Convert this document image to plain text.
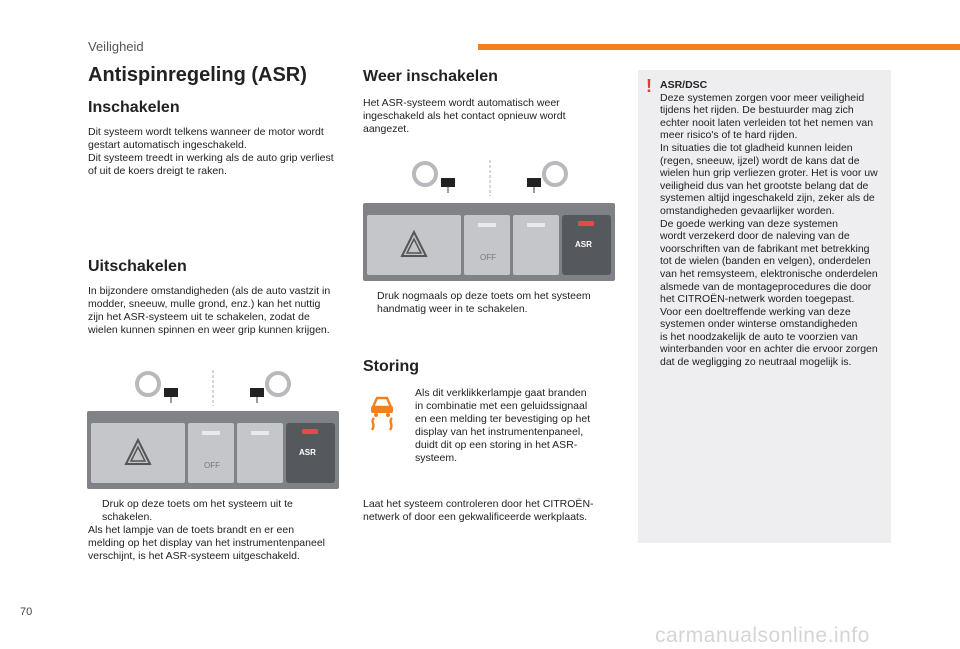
Veiligheid
Antispinregeling (ASR)
Inschakelen
Dit systeem wordt telkens wanneer de motor wordt
gestart automatisch ingeschakeld.
Dit systeem treedt in werking als de auto grip verliest
of uit de koers dreigt te raken.
Uitschakelen
In bijzondere omstandigheden (als de auto vastzit in
modder, sneeuw, mulle grond, enz.) kan het nuttig
zijn het ASR-systeem uit te schakelen, zodat de
wielen kunnen spinnen en weer grip kunnen krijgen.
ASR
OFF
Druk op deze toets om het systeem uit te
schakelen.
Als het lampje van de toets brandt en er een
melding op het display van het instrumentenpaneel
verschijnt, is het ASR-systeem uitgeschakeld.
Weer inschakelen
Het ASR-systeem wordt automatisch weer
ingeschakeld als het contact opnieuw wordt
aangezet.
ASR
OFF
Druk nogmaals op deze toets om het systeem
handmatig weer in te schakelen.
Storing
Als dit verklikkerlampje gaat branden
in combinatie met een geluidssignaal
en een melding ter bevestiging op het
display van het instrumentenpaneel,
duidt dit op een storing in het ASR-
systeem.
Laat het systeem controleren door het CITROËN-
netwerk of door een gekwalificeerde werkplaats.
! ASR/DSC
Deze systemen zorgen voor meer veiligheid
tijdens het rijden. De bestuurder mag zich
echter nooit laten verleiden tot het nemen van
meer risico's of te hard rijden.
In situaties die tot gladheid kunnen leiden
(regen, sneeuw, ijzel) wordt de kans dat de
wielen hun grip verliezen groter. Het is voor uw
veiligheid dus van het grootste belang dat de
systemen altijd ingeschakeld zijn, zeker als de
omstandigheden gevaarlijker worden.
De goede werking van deze systemen
wordt verzekerd door de naleving van de
voorschriften van de fabrikant met betrekking
tot de wielen (banden en velgen), onderdelen
van het remsysteem, elektronische onderdelen
alsmede van de montageprocedures die door
het CITROËN-netwerk worden toegepast.
Voor een doeltreffende werking van deze
systemen onder winterse omstandigheden
is het noodzakelijk de auto te voorzien van
winterbanden voor en achter die ervoor zorgen
dat de wegligging zo neutraal mogelijk is.
70
carmanualsonline.info
